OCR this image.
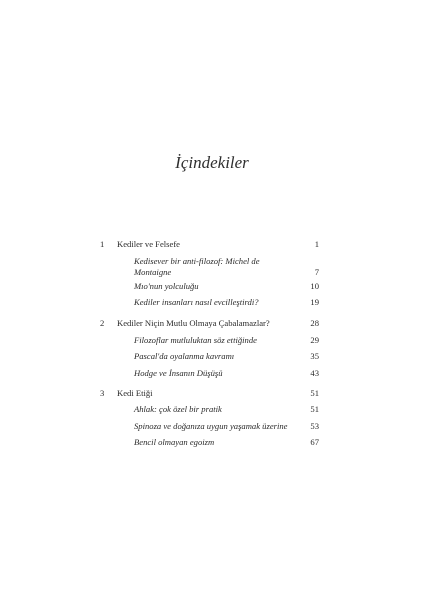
İçindekiler
1 Kediler ve Felsefe	1
Kedisever bir anti-filozof: Michel de
Montaigne	7
Mıo'nun yolculuğu	10
Kediler insanları nasıl evcilleştirdi?	19
2 Kediler Niçin Mutlu Olmaya Çabalamazlar?	28
Filozoflar mutluluktan söz ettiğinde	29
Pascal'da oyalanma kavramı	35
Hodge ve İnsanın Düşüşü	43
3 Kedi Etiği	51
Ahlak: çok özel bir pratik	51
Spinoza ve doğanıza uygun yaşamak üzerine	53
Bencil olmayan egoizm	67
